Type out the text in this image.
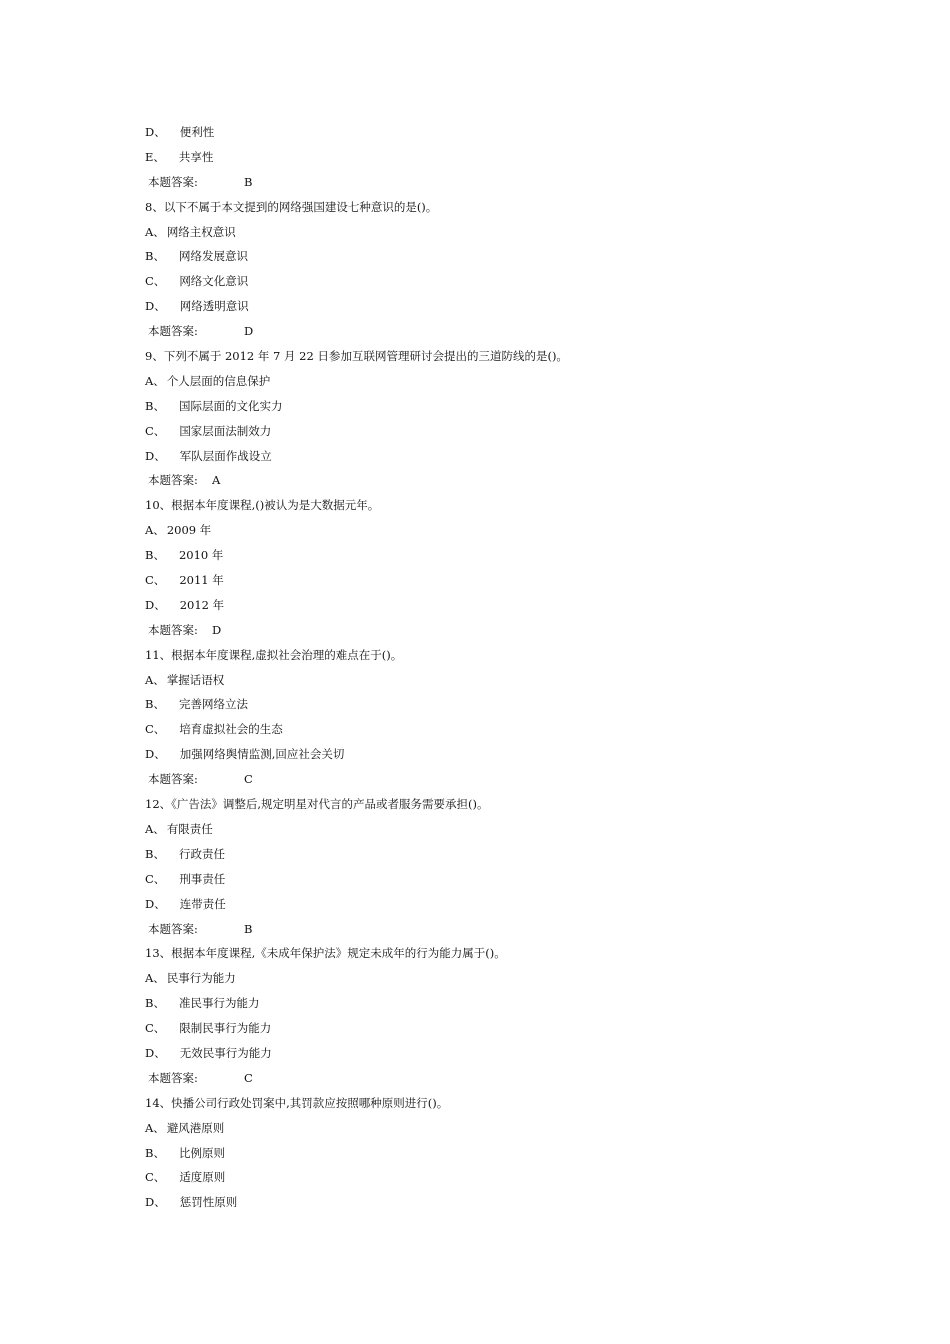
D、 便利性
E、 共享性
本题答案:	B
8、以下不属于本文提到的网络强国建设七种意识的是()。
A、 网络主权意识
B、 网络发展意识
C、 网络文化意识
D、 网络透明意识
本题答案:	D
9、下列不属于 2012 年 7 月 22 日参加互联网管理研讨会提出的三道防线的是()。
A、 个人层面的信息保护
B、 国际层面的文化实力
C、 国家层面法制效力
D、 军队层面作战设立
本题答案: A
10、根据本年度课程,()被认为是大数据元年。
A、 2009 年
B、 2010 年
C、 2011 年
D、 2012 年
本题答案: D
11、根据本年度课程,虚拟社会治理的难点在于()。
A、 掌握话语权
B、 完善网络立法
C、 培育虚拟社会的生态
D、 加强网络舆情监测,回应社会关切
本题答案:	C
12、《广告法》调整后,规定明星对代言的产品或者服务需要承担()。
A、 有限责任
B、 行政责任
C、 刑事责任
D、 连带责任
本题答案:	B
13、根据本年度课程,《未成年保护法》规定未成年的行为能力属于()。
A、 民事行为能力
B、 准民事行为能力
C、 限制民事行为能力
D、 无效民事行为能力
本题答案:	C
14、快播公司行政处罚案中,其罚款应按照哪种原则进行()。
A、 避风港原则
B、 比例原则
C、 适度原则
D、 惩罚性原则
